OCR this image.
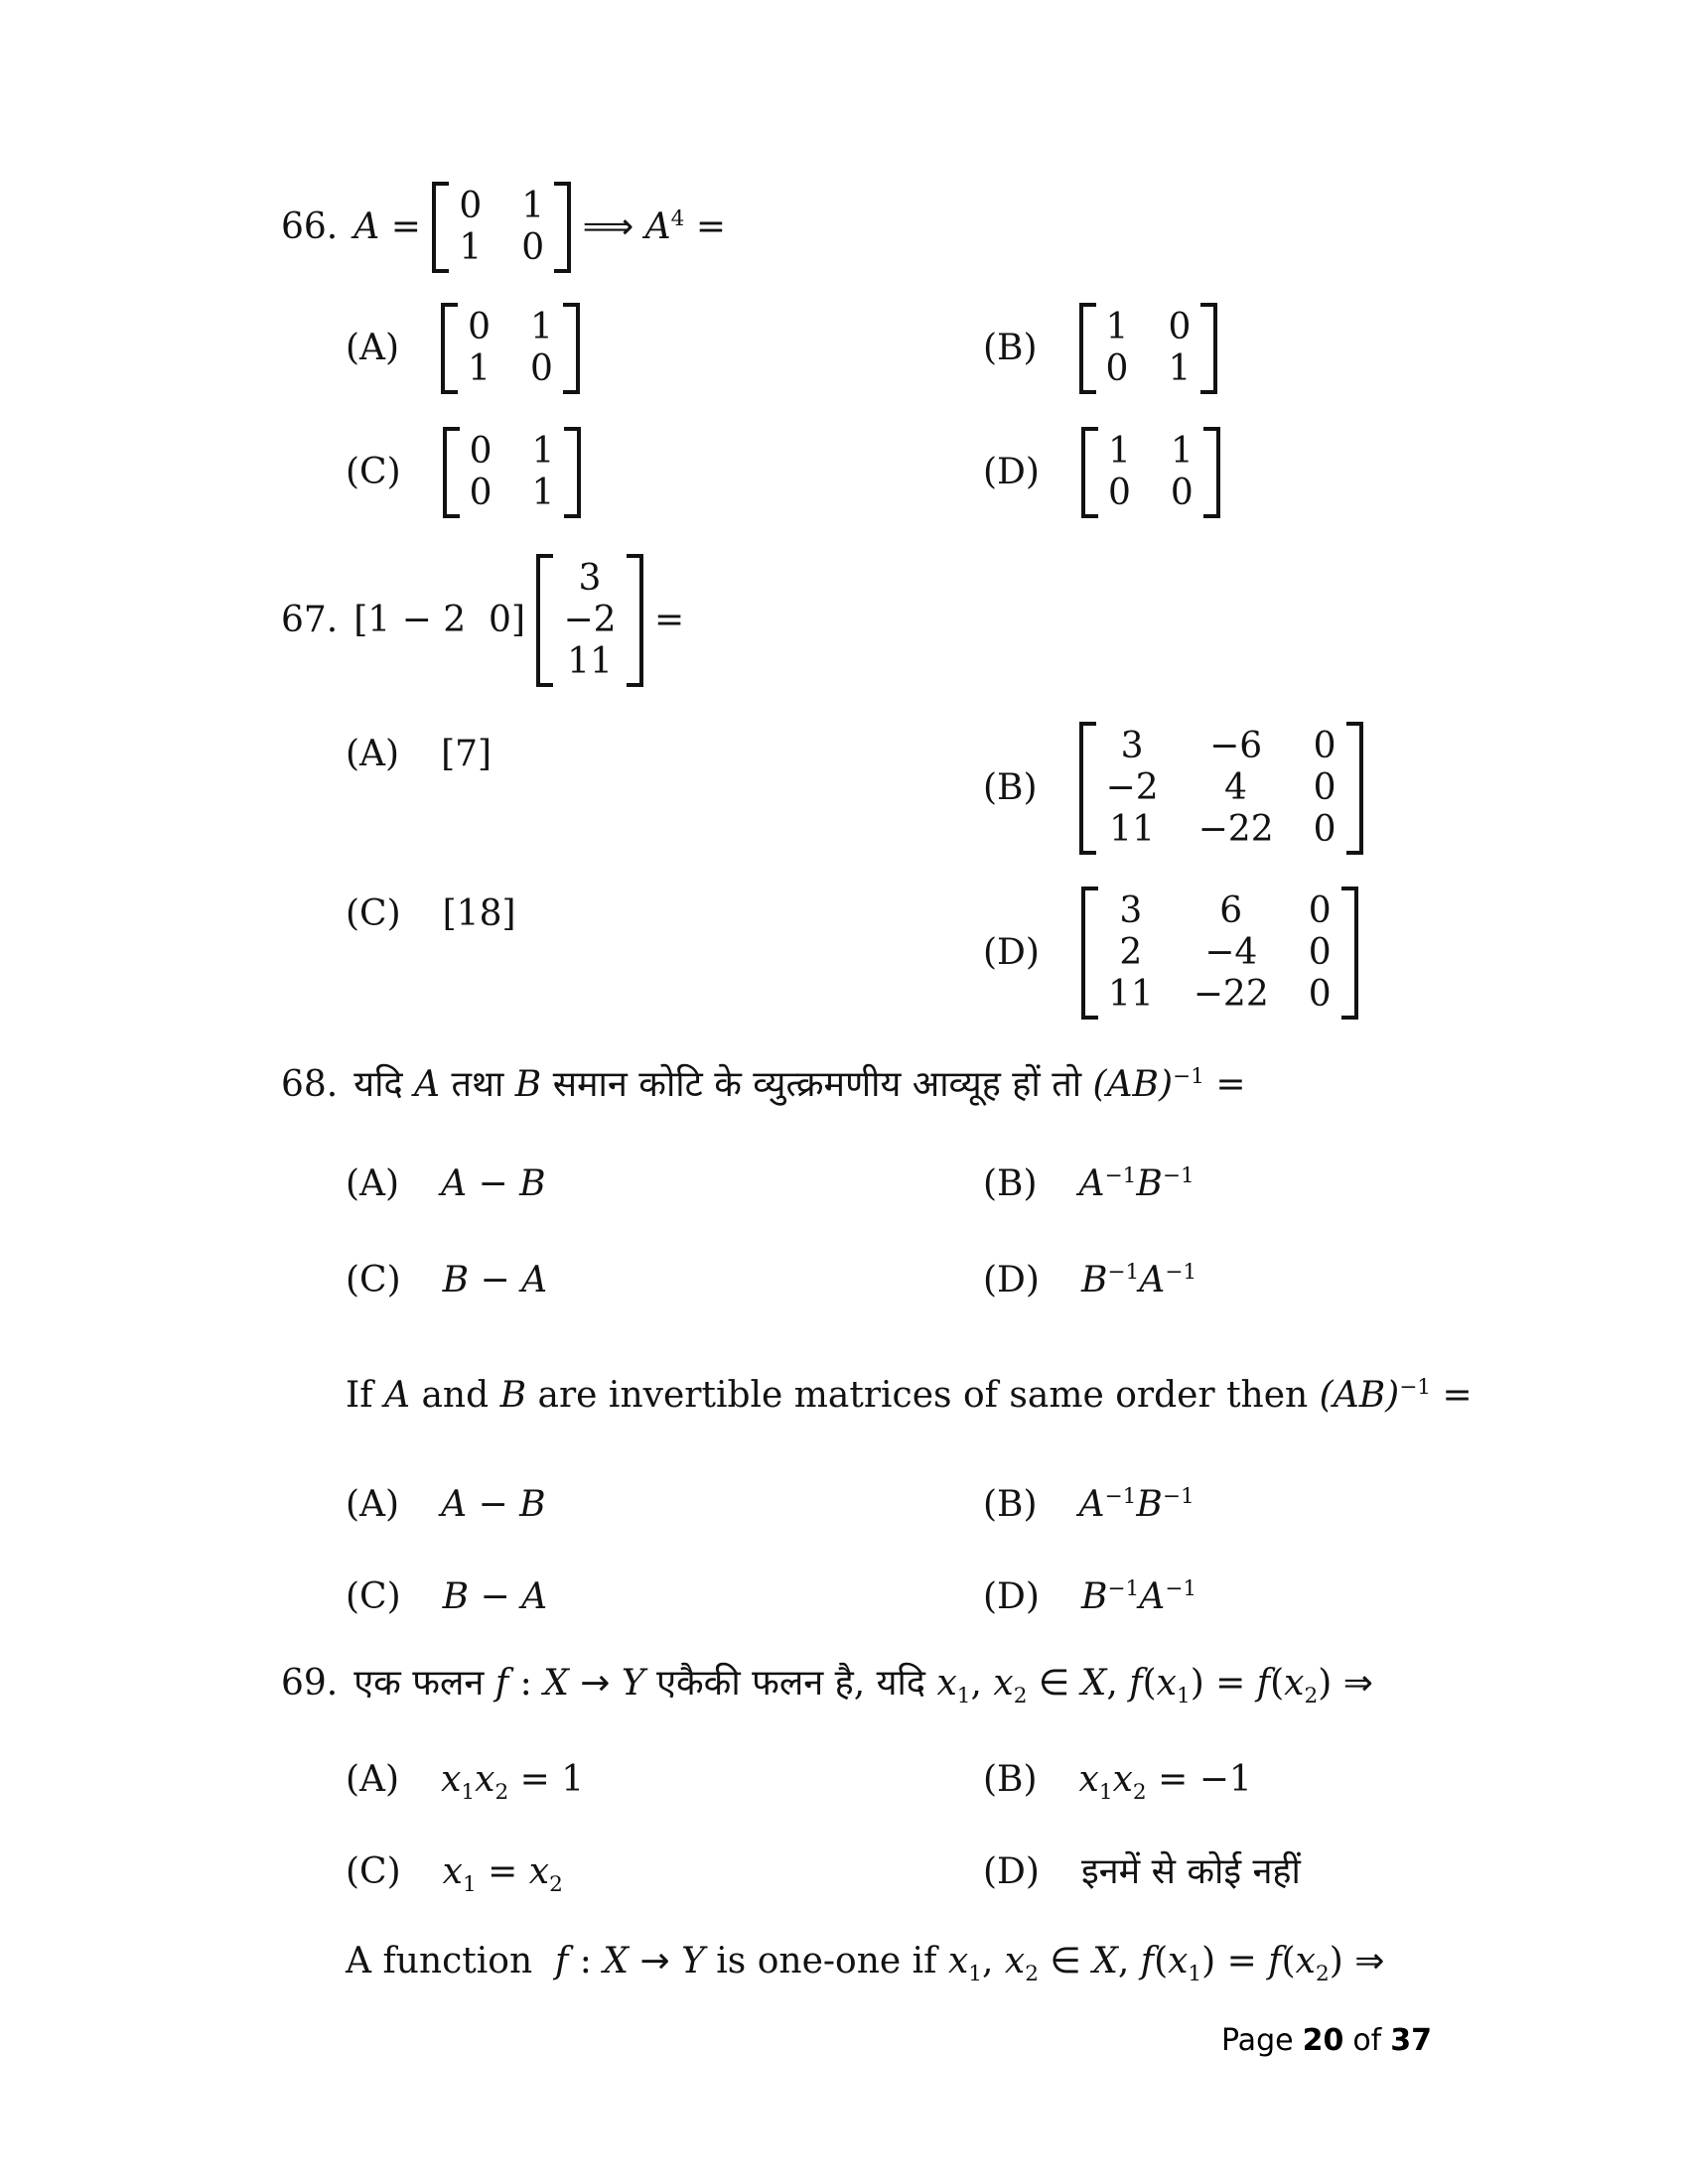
66. A =
0 1
1 0
⟹ $A^4$ =
(A)
0 1
1 0
(B)
1 0
0 1
(C)
0 1
0 1
(D)
1 1
0 0
67. [1 − 2  0]
3
−2
11
=
(A) [7]
(B)
3	−6	0
−2	4	0
11 −22 0
(C) [18]
(D)
3	6	0
2	−4	0
11 −22 0
68. यदि A तथा B समान कोटि के व्युत्क्रमणीय आव्यूह हों तो (AB)$^{-1}$ =
(A) A − B	(B) $A^{-1}B^{-1}$
(C) B − A	(D) $B^{-1}A^{-1}$
If A and B are invertible matrices of same order then (AB)$^{-1}$ =
(A) A − B	(B) $A^{-1}B^{-1}$
(C) B − A	(D) $B^{-1}A^{-1}$
69. एक फलन f : X → Y एकैकी फलन है, यदि $x_1$, $x_2$ ∈ X, $f(x_1) = f(x_2)$ ⇒
(A) $x_1x_2 = 1$	(B) $x_1x_2 = -1$
(C) $x_1 = x_2$	(D) इनमें से कोई नहीं
A function  f : X → Y is one-one if $x_1$, $x_2$ ∈ X, $f(x_1) = f(x_2)$ ⇒
Page 20 of 37
